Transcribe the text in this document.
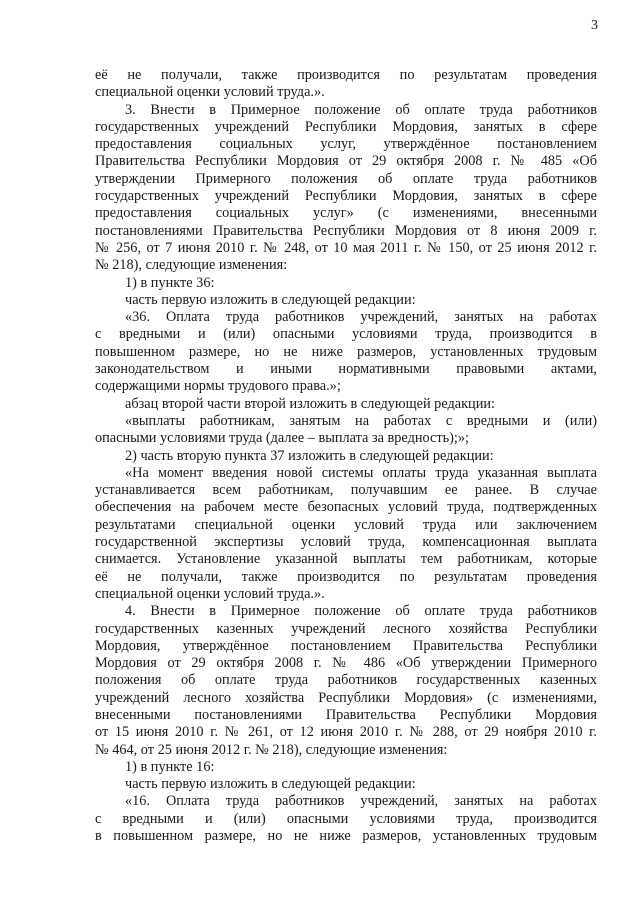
3
её не получали, также производится по результатам проведения
специальной оценки условий труда.».
3. Внести в Примерное положение об оплате труда работников
государственных учреждений Республики Мордовия, занятых в сфере
предоставления социальных услуг, утверждённое постановлением
Правительства Республики Мордовия от 29 октября 2008 г. № 485 «Об
утверждении Примерного положения об оплате труда работников
государственных учреждений Республики Мордовия, занятых в сфере
предоставления социальных услуг» (с изменениями, внесенными
постановлениями Правительства Республики Мордовия от 8 июня 2009 г.
№ 256, от 7 июня 2010 г. № 248, от 10 мая 2011 г. № 150, от 25 июня 2012 г.
№ 218), следующие изменения:
1) в пункте 36:
часть первую изложить в следующей редакции:
«36. Оплата труда работников учреждений, занятых на работах
с вредными и (или) опасными условиями труда, производится в
повышенном размере, но не ниже размеров, установленных трудовым
законодательством и иными нормативными правовыми актами,
содержащими нормы трудового права.»;
абзац второй части второй изложить в следующей редакции:
«выплаты работникам, занятым на работах с вредными и (или)
опасными условиями труда (далее – выплата за вредность);»;
2) часть вторую пункта 37 изложить в следующей редакции:
«На момент введения новой системы оплаты труда указанная выплата
устанавливается всем работникам, получавшим ее ранее. В случае
обеспечения на рабочем месте безопасных условий труда, подтвержденных
результатами специальной оценки условий труда или заключением
государственной экспертизы условий труда, компенсационная выплата
снимается. Установление указанной выплаты тем работникам, которые
её не получали, также производится по результатам проведения
специальной оценки условий труда.».
4. Внести в Примерное положение об оплате труда работников
государственных казенных учреждений лесного хозяйства Республики
Мордовия, утверждённое постановлением Правительства Республики
Мордовия от 29 октября 2008 г. № 486 «Об утверждении Примерного
положения об оплате труда работников государственных казенных
учреждений лесного хозяйства Республики Мордовия» (с изменениями,
внесенными постановлениями Правительства Республики Мордовия
от 15 июня 2010 г. № 261, от 12 июня 2010 г. № 288, от 29 ноября 2010 г.
№ 464, от 25 июня 2012 г. № 218), следующие изменения:
1) в пункте 16:
часть первую изложить в следующей редакции:
«16. Оплата труда работников учреждений, занятых на работах
с вредными и (или) опасными условиями труда, производится
в повышенном размере, но не ниже размеров, установленных трудовым
